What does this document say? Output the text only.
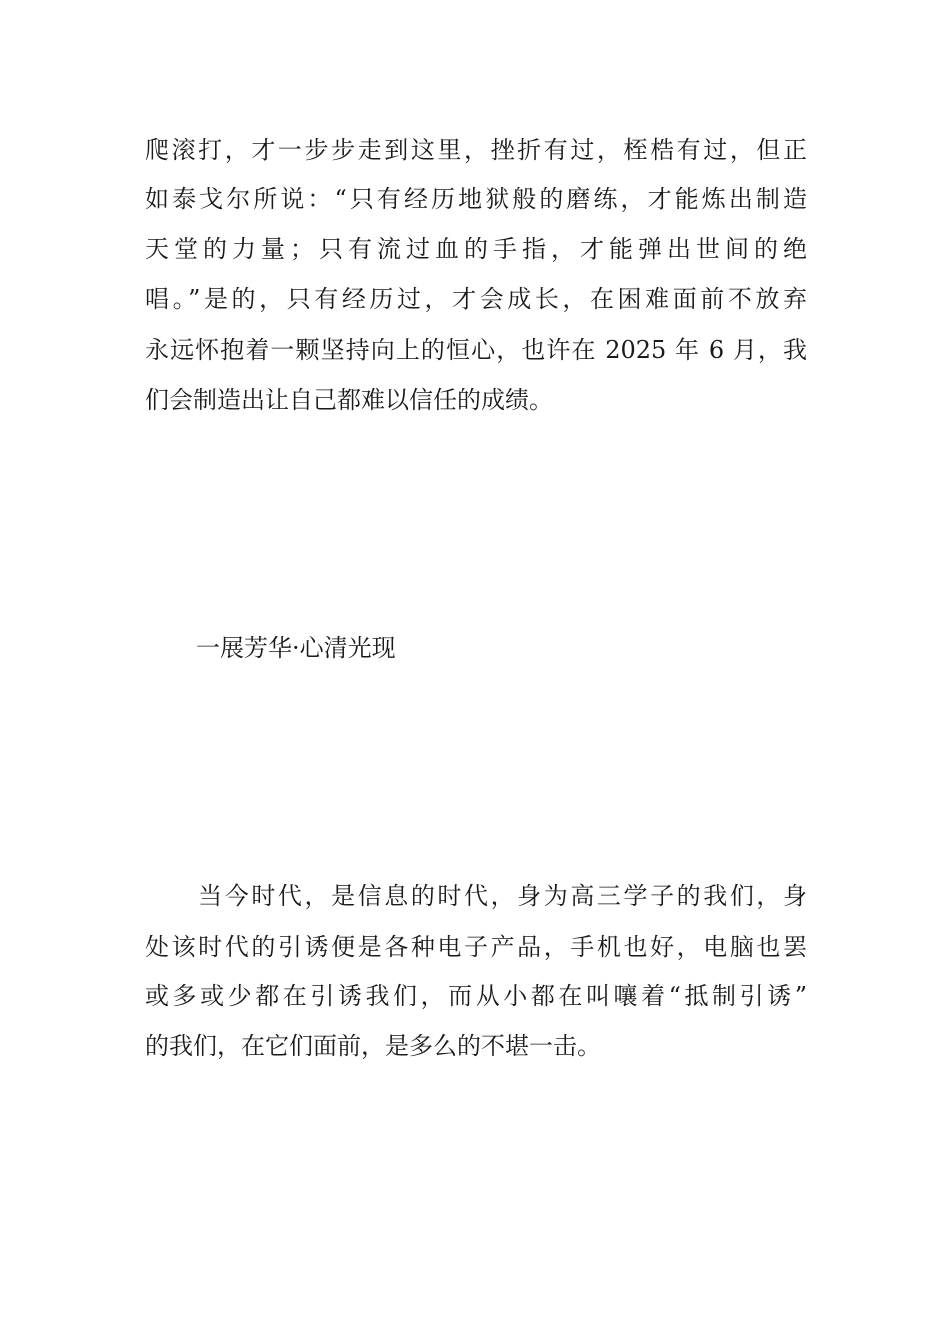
爬滚打，才一步步走到这里，挫折有过，桎梏有过，但正
如泰戈尔所说：“只有经历地狱般的磨练，才能炼出制造
天堂的力量；只有流过血的手指，才能弹出世间的绝
唱。”是的，只有经历过，才会成长，在困难面前不放弃
永远怀抱着一颗坚持向上的恒心，也许在 2025 年 6 月，我
们会制造出让自己都难以信任的成绩。
一展芳华·心清光现
　　当今时代，是信息的时代，身为高三学子的我们，身
处该时代的引诱便是各种电子产品，手机也好，电脑也罢
或多或少都在引诱我们，而从小都在叫嚷着“抵制引诱”
的我们，在它们面前，是多么的不堪一击。
